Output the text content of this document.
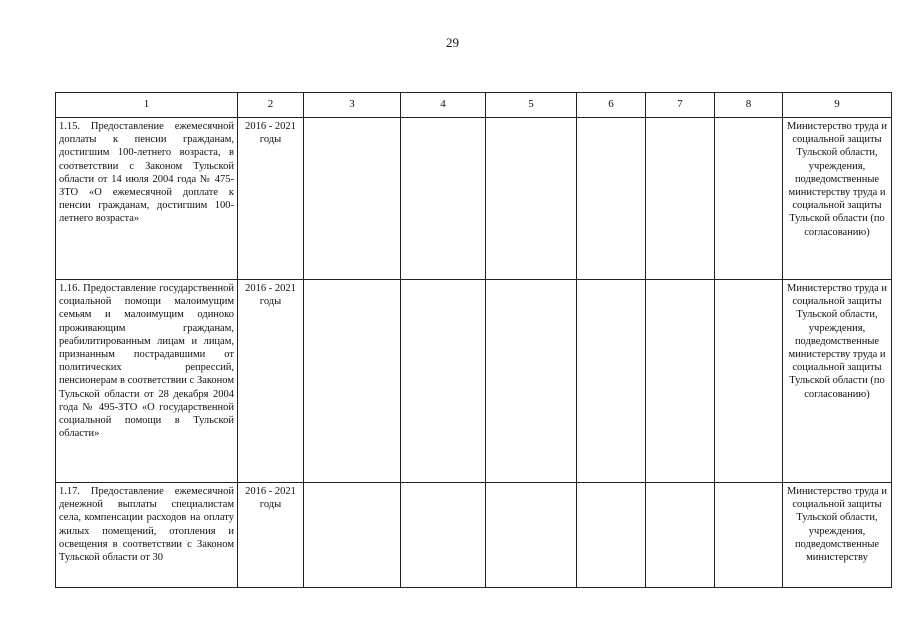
29
1	2	3	4	5	6	7	8	9
1.15. Предоставление ежемесячной доплаты к пенсии гражданам, достигшим 100-летнего возраста, в соответствии с Законом Тульской области от 14 июля 2004 года № 475-ЗТО «О ежемесячной доплате к пенсии гражданам, достигшим 100-летнего возраста»	2016 - 2021 годы							Министерство труда и социальной защиты Тульской области, учреждения, подведомственные министерству труда и социальной защиты Тульской области (по согласованию)
1.16. Предоставление государственной социальной помощи малоимущим семьям и малоимущим одиноко проживающим гражданам, реабилитированным лицам и лицам, признанным пострадавшими от политических репрессий, пенсионерам в соответствии с Законом Тульской области от 28 декабря 2004 года № 495-ЗТО «О государственной социальной помощи в Тульской области»	2016 - 2021 годы							Министерство труда и социальной защиты Тульской области, учреждения, подведомственные министерству труда и социальной защиты Тульской области (по согласованию)
1.17. Предоставление ежемесячной денежной выплаты специалистам села, компенсации расходов на оплату жилых помещений, отопления и освещения в соответствии с Законом Тульской области от 30	2016 - 2021 годы							Министерство труда и социальной защиты Тульской области, учреждения, подведомственные министерству
